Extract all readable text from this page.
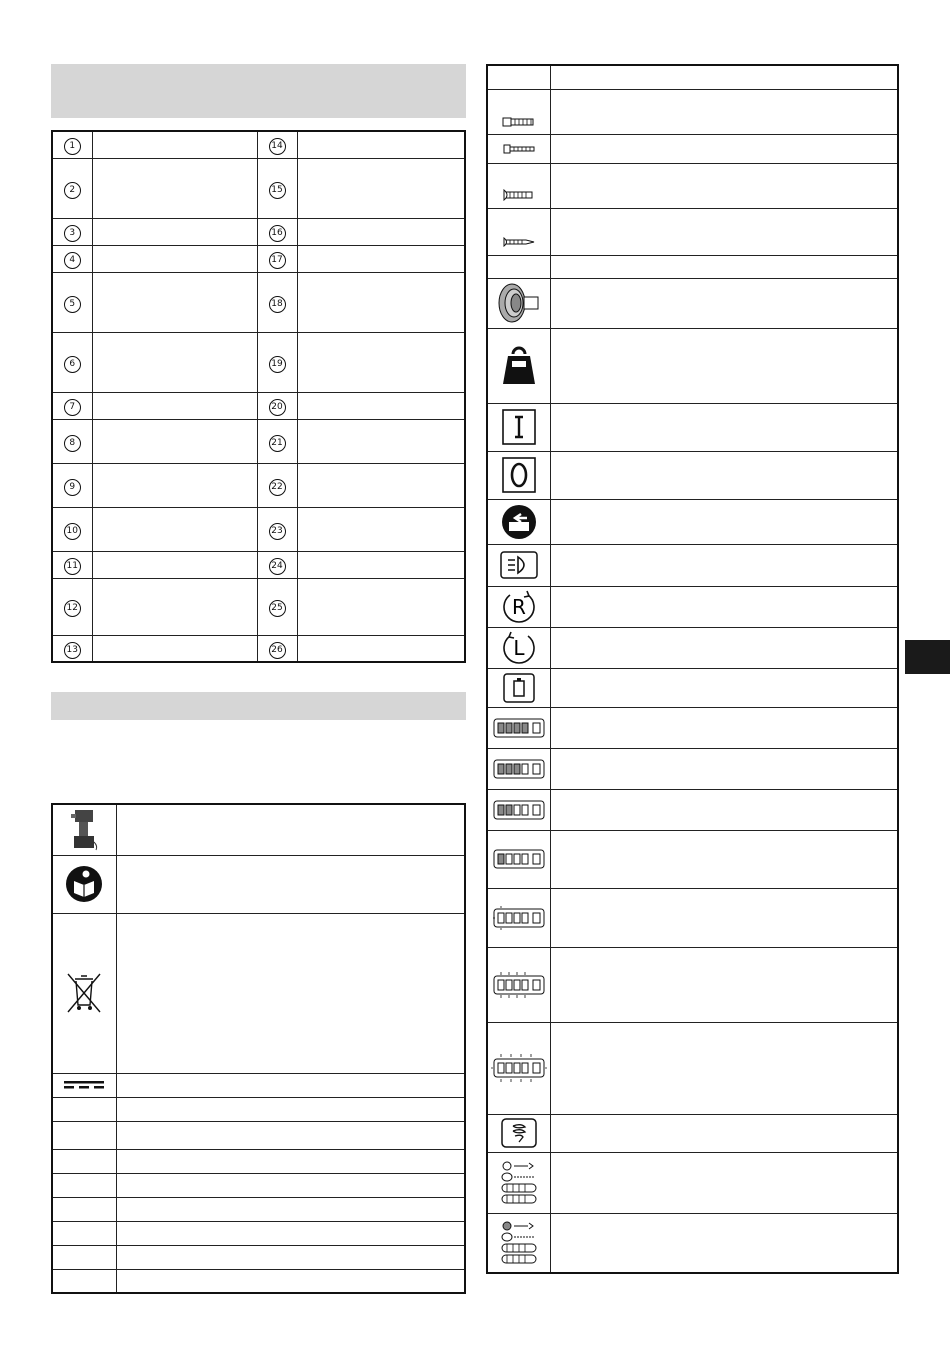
1		14	
2		15	
3		16	
4		17	
5		18	
6		19	
7		20	
8		21	
9		22	
10		23	
11		24	
12		25	
13		26	

R	

L	
